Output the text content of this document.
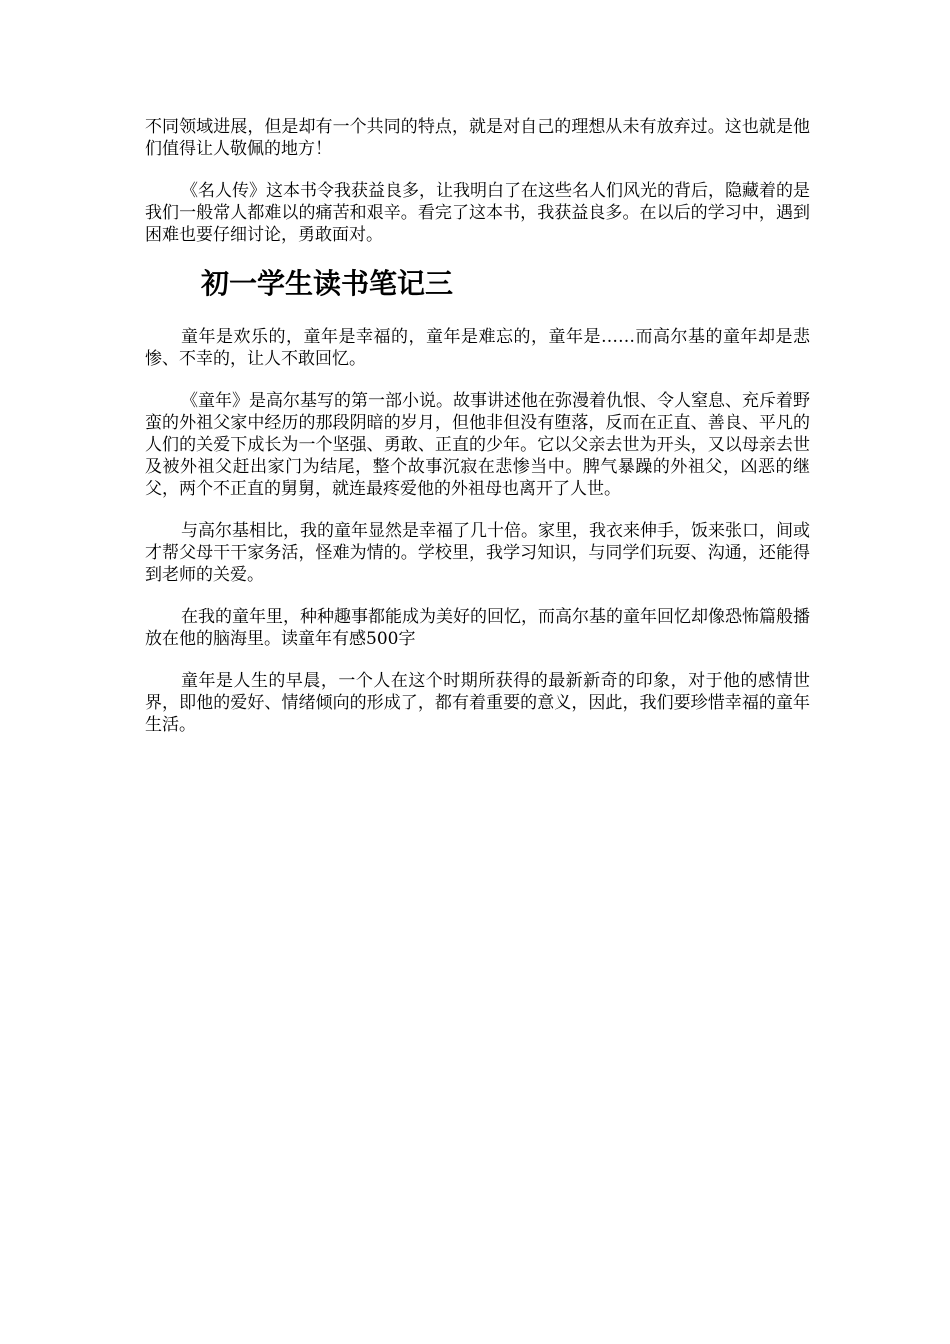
不同领域进展，但是却有一个共同的特点，就是对自己的理想从未有放弃过。这也就是他们值得让人敬佩的地方！

《名人传》这本书令我获益良多，让我明白了在这些名人们风光的背后，隐藏着的是我们一般常人都难以的痛苦和艰辛。看完了这本书，我获益良多。在以后的学习中，遇到困难也要仔细讨论，勇敢面对。

初一学生读书笔记三

童年是欢乐的，童年是幸福的，童年是难忘的，童年是……而高尔基的童年却是悲惨、不幸的，让人不敢回忆。

《童年》是高尔基写的第一部小说。故事讲述他在弥漫着仇恨、令人窒息、充斥着野蛮的外祖父家中经历的那段阴暗的岁月，但他非但没有堕落，反而在正直、善良、平凡的人们的关爱下成长为一个坚强、勇敢、正直的少年。它以父亲去世为开头，又以母亲去世及被外祖父赶出家门为结尾，整个故事沉寂在悲惨当中。脾气暴躁的外祖父，凶恶的继父，两个不正直的舅舅，就连最疼爱他的外祖母也离开了人世。

与高尔基相比，我的童年显然是幸福了几十倍。家里，我衣来伸手，饭来张口，间或才帮父母干干家务活，怪难为情的。学校里，我学习知识，与同学们玩耍、沟通，还能得到老师的关爱。

在我的童年里，种种趣事都能成为美好的回忆，而高尔基的童年回忆却像恐怖篇般播放在他的脑海里。读童年有感500字

童年是人生的早晨，一个人在这个时期所获得的最新新奇的印象，对于他的感情世界，即他的爱好、情绪倾向的形成了，都有着重要的意义，因此，我们要珍惜幸福的童年生活。
